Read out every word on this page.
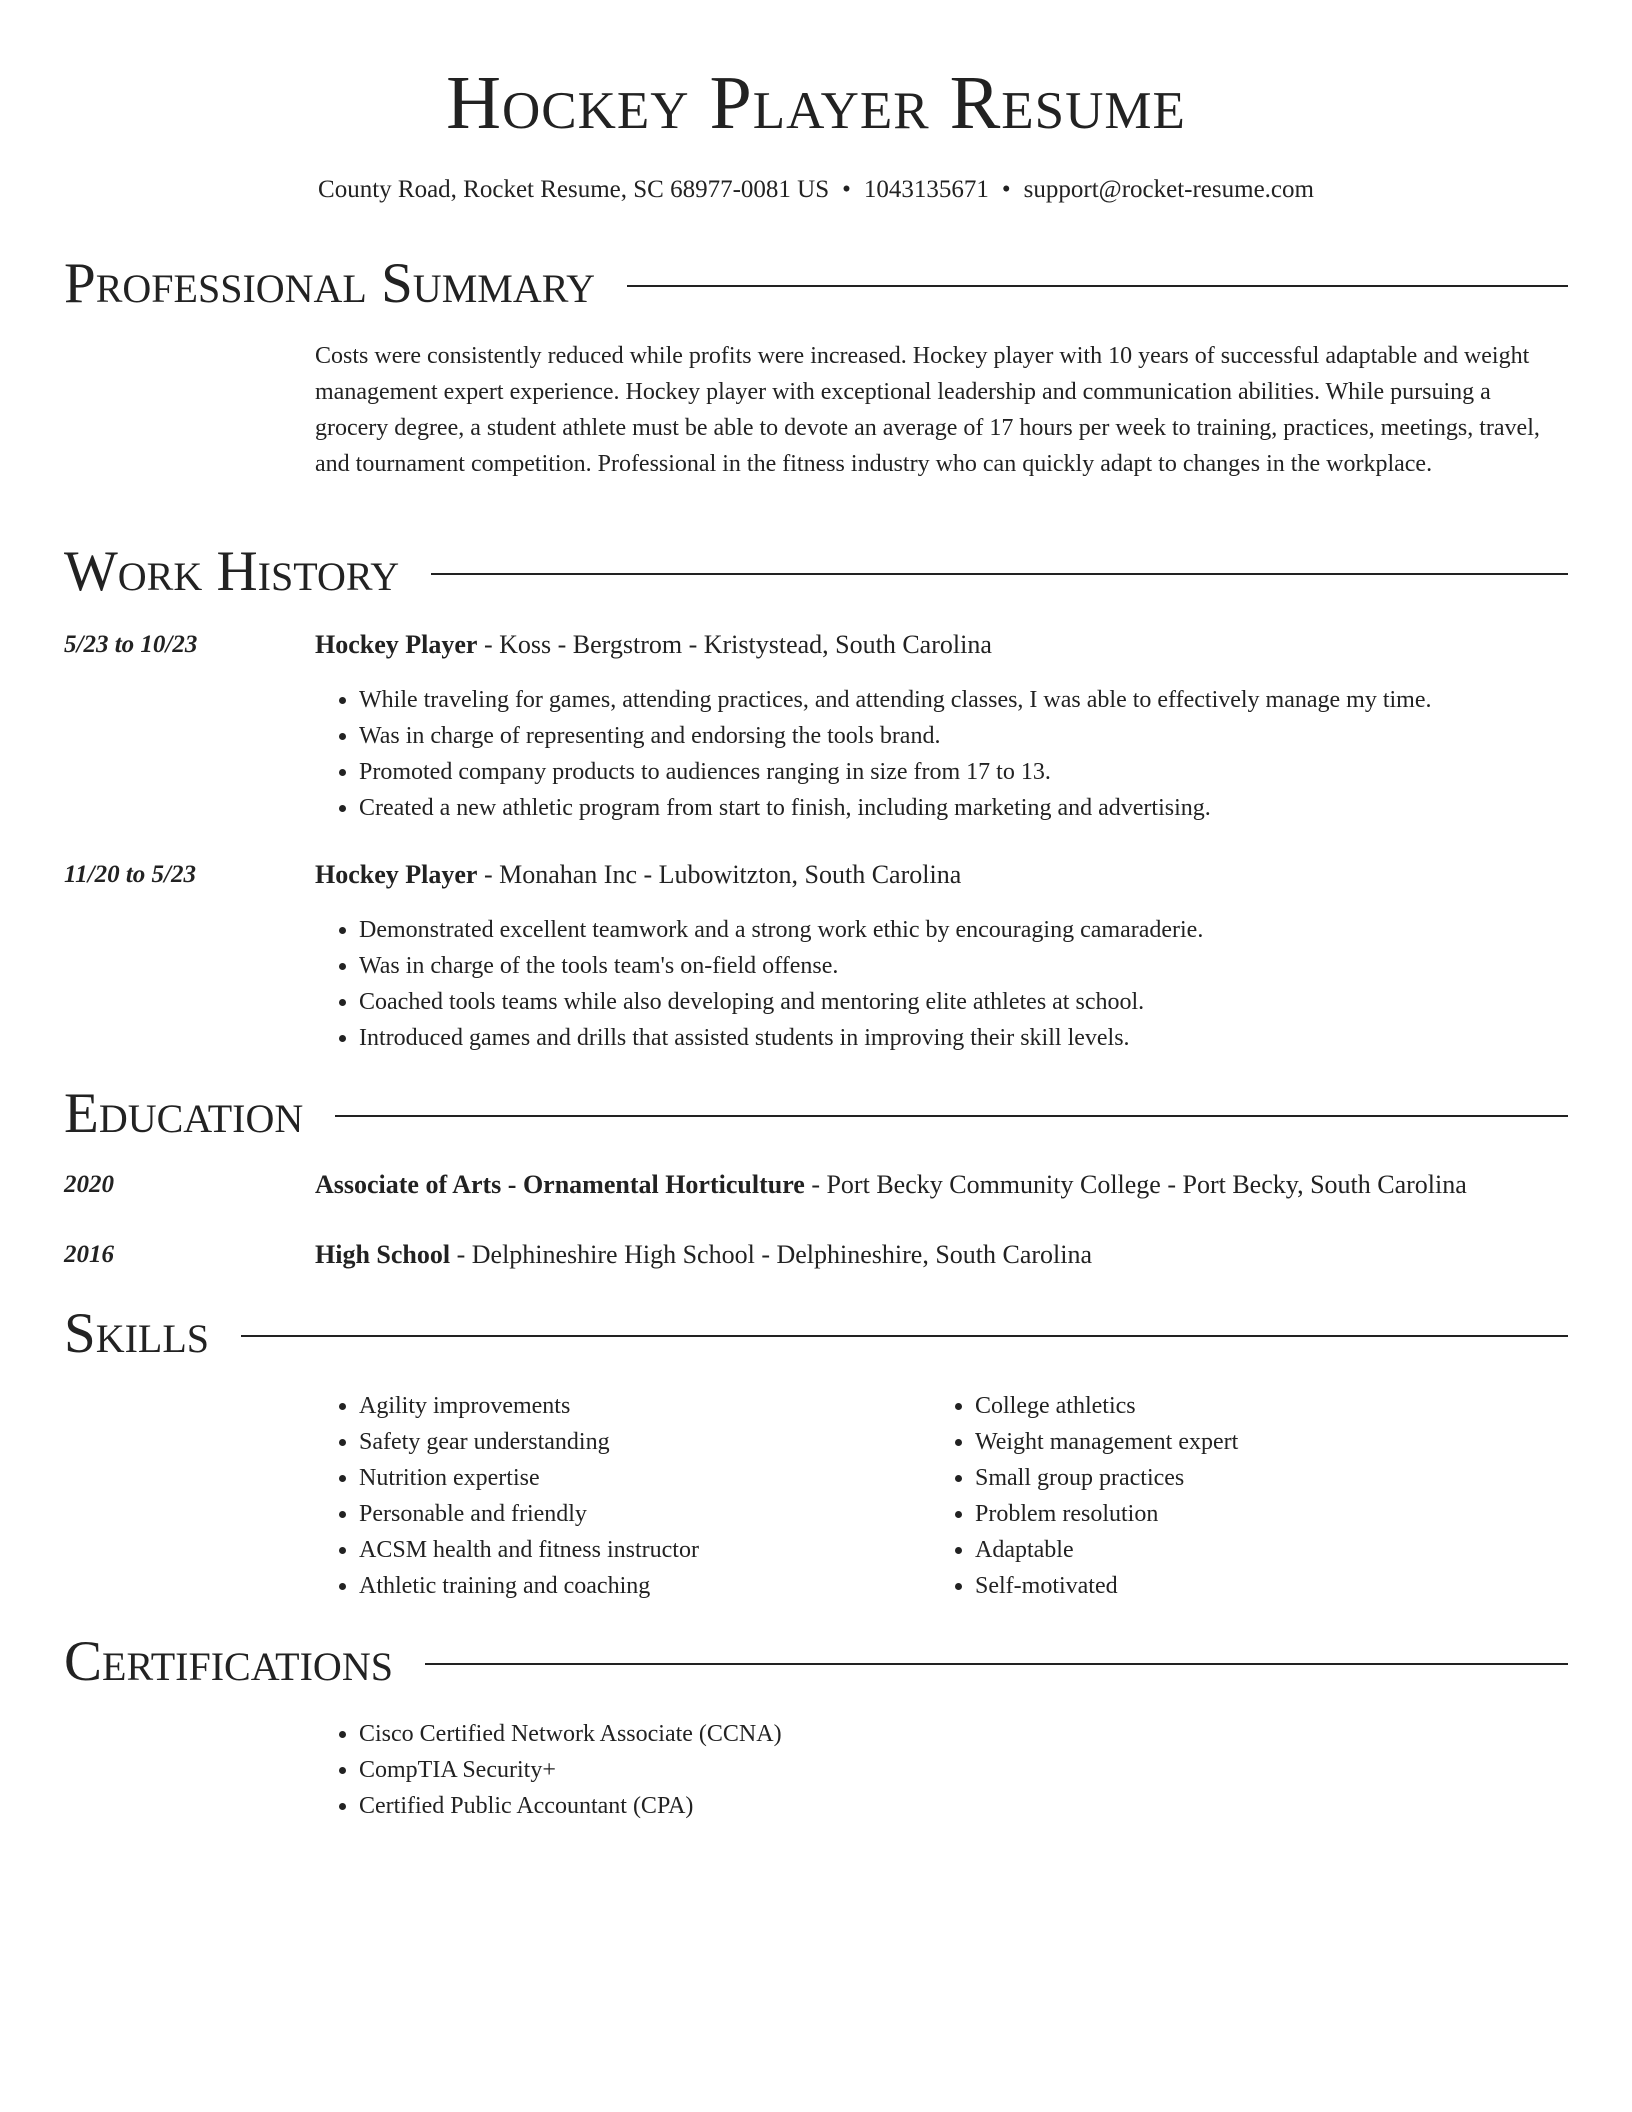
Hockey Player Resume
County Road, Rocket Resume, SC 68977-0081 US • 1043135671 • support@rocket-resume.com
Professional Summary
Costs were consistently reduced while profits were increased. Hockey player with 10 years of successful adaptable and weight management expert experience. Hockey player with exceptional leadership and communication abilities. While pursuing a grocery degree, a student athlete must be able to devote an average of 17 hours per week to training, practices, meetings, travel, and tournament competition. Professional in the fitness industry who can quickly adapt to changes in the workplace.
Work History
5/23 to 10/23	Hockey Player - Koss - Bergstrom - Kristystead, South Carolina
• While traveling for games, attending practices, and attending classes, I was able to effectively manage my time.
• Was in charge of representing and endorsing the tools brand.
• Promoted company products to audiences ranging in size from 17 to 13.
• Created a new athletic program from start to finish, including marketing and advertising.
11/20 to 5/23	Hockey Player - Monahan Inc - Lubowitzton, South Carolina
• Demonstrated excellent teamwork and a strong work ethic by encouraging camaraderie.
• Was in charge of the tools team's on-field offense.
• Coached tools teams while also developing and mentoring elite athletes at school.
• Introduced games and drills that assisted students in improving their skill levels.
Education
2020	Associate of Arts - Ornamental Horticulture - Port Becky Community College - Port Becky, South Carolina
2016	High School - Delphineshire High School - Delphineshire, South Carolina
Skills
• Agility improvements
• Safety gear understanding
• Nutrition expertise
• Personable and friendly
• ACSM health and fitness instructor
• Athletic training and coaching
• College athletics
• Weight management expert
• Small group practices
• Problem resolution
• Adaptable
• Self-motivated
Certifications
• Cisco Certified Network Associate (CCNA)
• CompTIA Security+
• Certified Public Accountant (CPA)
